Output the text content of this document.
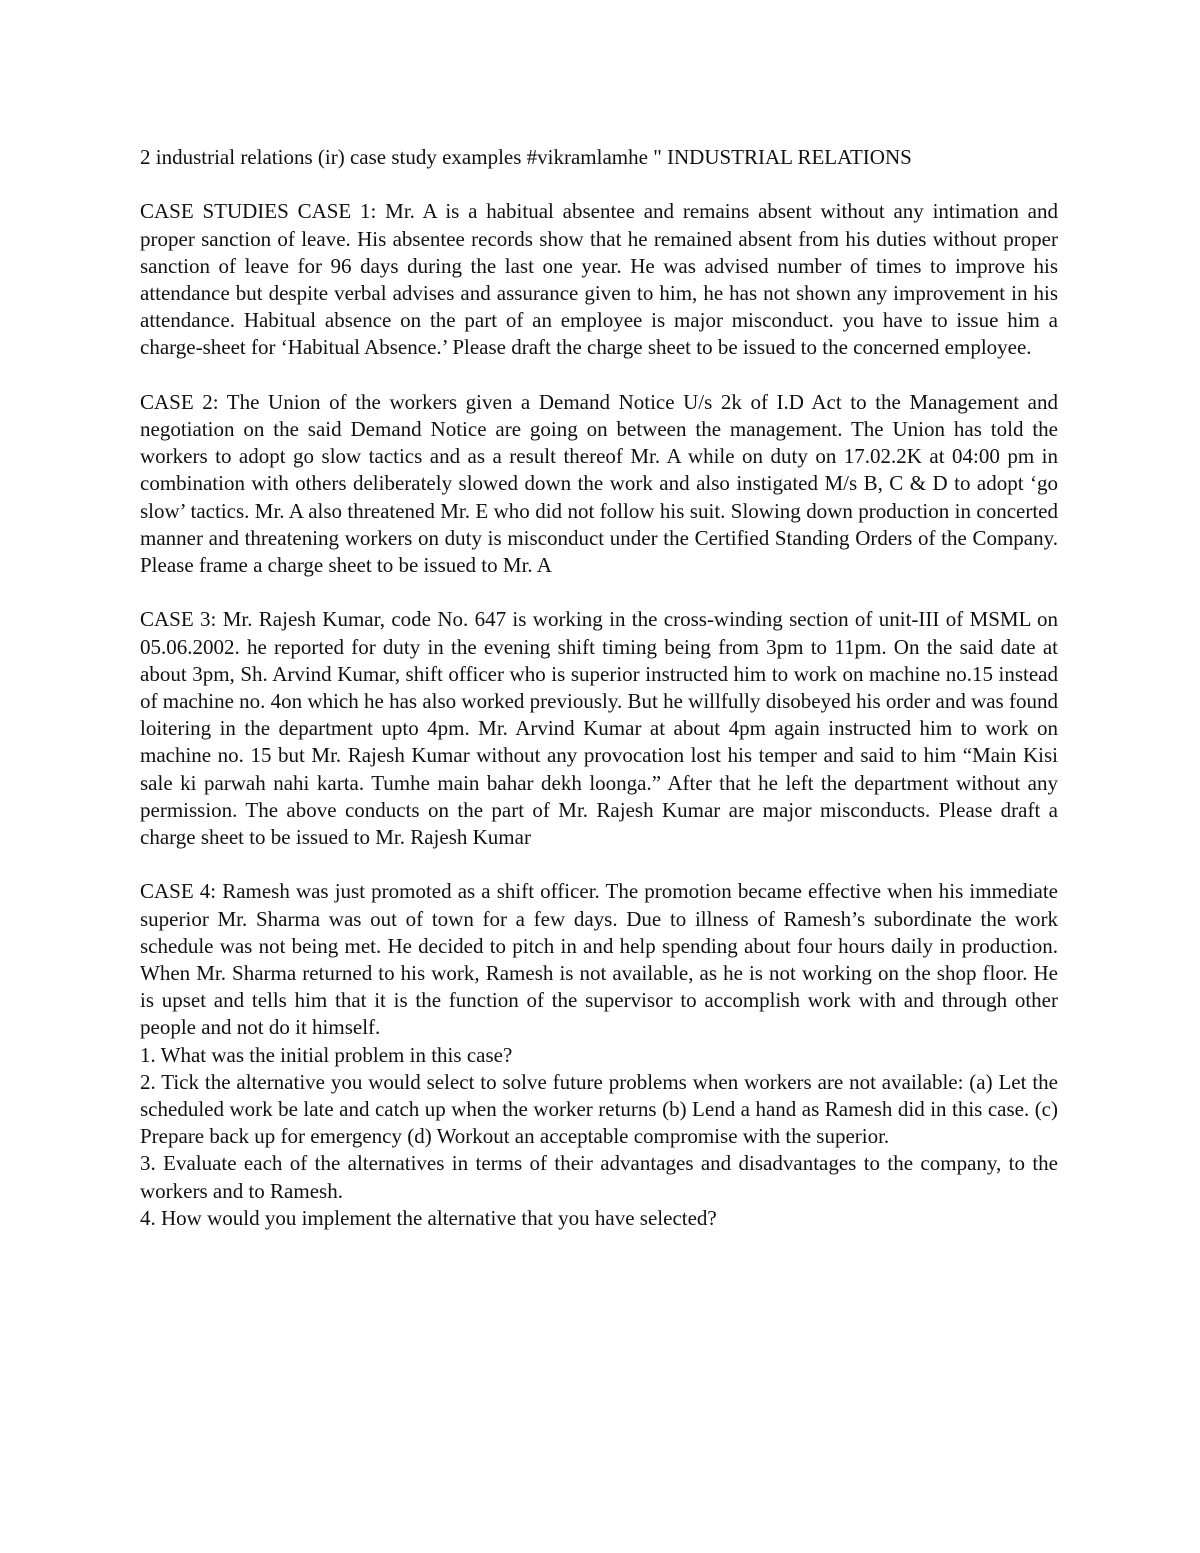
2 industrial relations (ir) case study examples #vikramlamhe " INDUSTRIAL RELATIONS

CASE STUDIES CASE 1: Mr. A is a habitual absentee and remains absent without any intimation and proper sanction of leave. His absentee records show that he remained absent from his duties without proper sanction of leave for 96 days during the last one year. He was advised number of times to improve his attendance but despite verbal advises and assurance given to him, he has not shown any improvement in his attendance. Habitual absence on the part of an employee is major misconduct. you have to issue him a charge-sheet for ‘Habitual Absence.’ Please draft the charge sheet to be issued to the concerned employee.

CASE 2: The Union of the workers given a Demand Notice U/s 2k of I.D Act to the Management and negotiation on the said Demand Notice are going on between the management. The Union has told the workers to adopt go slow tactics and as a result thereof Mr. A while on duty on 17.02.2K at 04:00 pm in combination with others deliberately slowed down the work and also instigated M/s B, C & D to adopt ‘go slow’ tactics. Mr. A also threatened Mr. E who did not follow his suit. Slowing down production in concerted manner and threatening workers on duty is misconduct under the Certified Standing Orders of the Company. Please frame a charge sheet to be issued to Mr. A

CASE 3: Mr. Rajesh Kumar, code No. 647 is working in the cross-winding section of unit-III of MSML on 05.06.2002. he reported for duty in the evening shift timing being from 3pm to 11pm. On the said date at about 3pm, Sh. Arvind Kumar, shift officer who is superior instructed him to work on machine no.15 instead of machine no. 4on which he has also worked previously. But he willfully disobeyed his order and was found loitering in the department upto 4pm. Mr. Arvind Kumar at about 4pm again instructed him to work on machine no. 15 but Mr. Rajesh Kumar without any provocation lost his temper and said to him “Main Kisi sale ki parwah nahi karta. Tumhe main bahar dekh loonga.” After that he left the department without any permission. The above conducts on the part of Mr. Rajesh Kumar are major misconducts. Please draft a charge sheet to be issued to Mr. Rajesh Kumar

CASE 4: Ramesh was just promoted as a shift officer. The promotion became effective when his immediate superior Mr. Sharma was out of town for a few days. Due to illness of Ramesh’s subordinate the work schedule was not being met. He decided to pitch in and help spending about four hours daily in production. When Mr. Sharma returned to his work, Ramesh is not available, as he is not working on the shop floor. He is upset and tells him that it is the function of the supervisor to accomplish work with and through other people and not do it himself.

1. What was the initial problem in this case?

2. Tick the alternative you would select to solve future problems when workers are not available: (a) Let the scheduled work be late and catch up when the worker returns (b) Lend a hand as Ramesh did in this case. (c) Prepare back up for emergency (d) Workout an acceptable compromise with the superior.

3. Evaluate each of the alternatives in terms of their advantages and disadvantages to the company, to the workers and to Ramesh.

4. How would you implement the alternative that you have selected?
